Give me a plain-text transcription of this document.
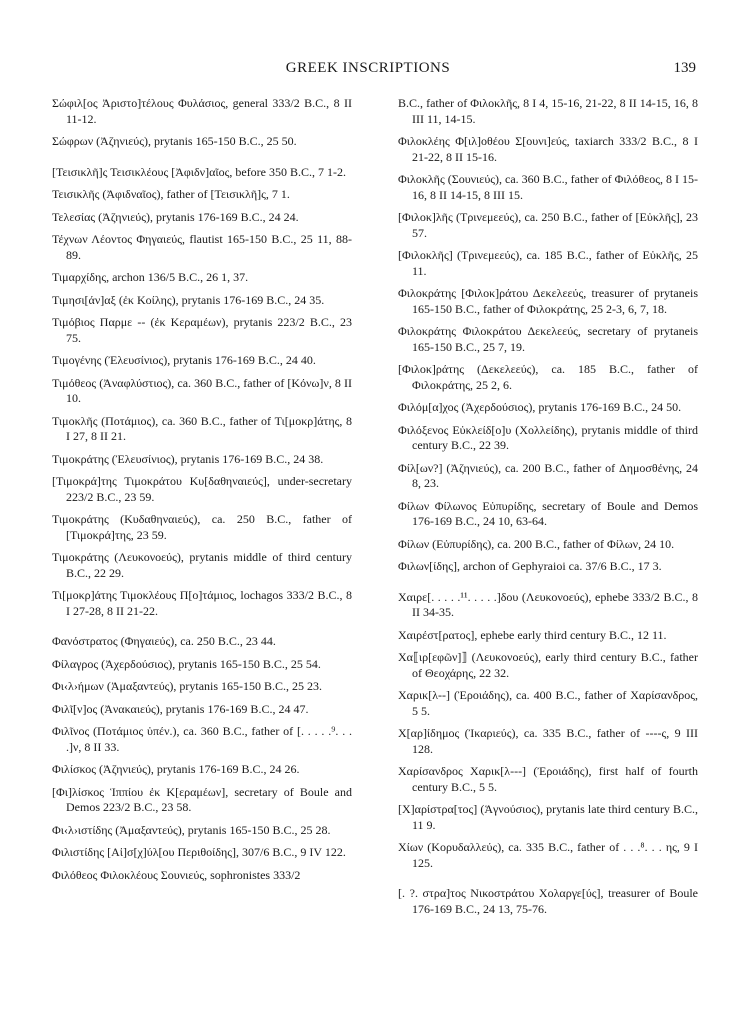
GREEK INSCRIPTIONS	139

Σώφιλ[ος Ἀριστο]τέλους Φυλάσιος, general 333/2 B.C., 8 II 11-12.

Σώφρων (Ἀζηνιεύς), prytanis 165-150 B.C., 25 50.

[Τεισικλῆ]ς Τεισικλέους [Ἀφιδν]αῖος, before 350 B.C., 7 1-2.

Τεισικλῆς (Ἀφιδναῖος), father of [Τεισικλῆ]ς, 7 1.

Τελεσίας (Ἀζηνιεύς), prytanis 176-169 B.C., 24 24.

Τέχνων Λέοντος Φηγαιεύς, flautist 165-150 B.C., 25 11, 88-89.

Τιμαρχίδης, archon 136/5 B.C., 26 1, 37.

Τιμησι[άν]αξ (ἐκ Κοίλης), prytanis 176-169 B.C., 24 35.

Τιμόβιος Παρμε -- (ἐκ Κεραμέων), prytanis 223/2 B.C., 23 75.

Τιμογένης (Ἐλευσίνιος), prytanis 176-169 B.C., 24 40.

Τιμόθεος (Ἀναφλύστιος), ca. 360 B.C., father of [Κόνω]ν, 8 II 10.

Τιμοκλῆς (Ποτάμιος), ca. 360 B.C., father of Τι[μοκρ]άτης, 8 I 27, 8 II 21.

Τιμοκράτης (Ἐλευσίνιος), prytanis 176-169 B.C., 24 38.

[Τιμοκρά]της Τιμοκράτου Κυ[δαθηναιεύς], under-secretary 223/2 B.C., 23 59.

Τιμοκράτης (Κυδαθηναιεύς), ca. 250 B.C., father of [Τιμοκρά]της, 23 59.

Τιμοκράτης (Λευκονοεύς), prytanis middle of third century B.C., 22 29.

Τι[μοκρ]άτης Τιμοκλέους Π[ο]τάμιος, lochagos 333/2 B.C., 8 I 27-28, 8 II 21-22.

Φανόστρατος (Φηγαιεύς), ca. 250 B.C., 23 44.

Φίλαγρος (Ἀχερδούσιος), prytanis 165-150 B.C., 25 54.

Φι‹λ›ήμων (Ἀμαξαντεύς), prytanis 165-150 B.C., 25 23.

Φιλῖ[ν]ος (Ἀνακαιεύς), prytanis 176-169 B.C., 24 47.

Φιλῖνος (Ποτάμιος ὑπέν.), ca. 360 B.C., father of [. . . . .⁹. . . .]ν, 8 II 33.

Φιλίσκος (Ἀζηνιεύς), prytanis 176-169 B.C., 24 26.

[Φι]λίσκος Ἱππίου ἐκ Κ[εραμέων], secretary of Boule and Demos 223/2 B.C., 23 58.

Φι‹λ›ιστίδης (Ἀμαξαντεύς), prytanis 165-150 B.C., 25 28.

Φιλιστίδης [Αἰ]σ[χ]ύλ[ου Περιθοίδης], 307/6 B.C., 9 IV 122.

Φιλόθεος Φιλοκλέους Σουνιεύς, sophronistes 333/2

B.C., father of Φιλοκλῆς, 8 I 4, 15-16, 21-22, 8 II 14-15, 16, 8 III 11, 14-15.

Φιλοκλέης Φ[ιλ]οθέου Σ[ουνι]εύς, taxiarch 333/2 B.C., 8 I 21-22, 8 II 15-16.

Φιλοκλῆς (Σουνιεύς), ca. 360 B.C., father of Φιλόθεος, 8 I 15-16, 8 II 14-15, 8 III 15.

[Φιλοκ]λῆς (Τρινεμεεύς), ca. 250 B.C., father of [Εὐκλῆς], 23 57.

[Φιλοκλῆς] (Τρινεμεεύς), ca. 185 B.C., father of Εὐκλῆς, 25 11.

Φιλοκράτης [Φιλοκ]ράτου Δεκελεεύς, treasurer of prytaneis 165-150 B.C., father of Φιλοκράτης, 25 2-3, 6, 7, 18.

Φιλοκράτης Φιλοκράτου Δεκελεεύς, secretary of prytaneis 165-150 B.C., 25 7, 19.

[Φιλοκ]ράτης (Δεκελεεύς), ca. 185 B.C., father of Φιλοκράτης, 25 2, 6.

Φιλόμ[α]χος (Ἀχερδούσιος), prytanis 176-169 B.C., 24 50.

Φιλόξενος Εὐκλείδ[ο]υ (Χολλείδης), prytanis middle of third century B.C., 22 39.

Φίλ[ων?] (Ἀζηνιεύς), ca. 200 B.C., father of Δημοσθένης, 24 8, 23.

Φίλων Φίλωνος Εὐπυρίδης, secretary of Boule and Demos 176-169 B.C., 24 10, 63-64.

Φίλων (Εὐπυρίδης), ca. 200 B.C., father of Φίλων, 24 10.

Φιλων[ίδης], archon of Gephyraioi ca. 37/6 B.C., 17 3.

Χαιρε[. . . . .¹¹. . . . .]δου (Λευκονοεύς), ephebe 333/2 B.C., 8 II 34-35.

Χαιρέστ[ρατος], ephebe early third century B.C., 12 11.

Χα⟦ιρ[εφῶν]⟧ (Λευκονοεύς), early third century B.C., father of Θεοχάρης, 22 32.

Χαρικ[λ--] (Ἐροιάδης), ca. 400 B.C., father of Χαρίσανδρος, 5 5.

Χ[αρ]ίδημος (Ἰκαριεύς), ca. 335 B.C., father of ----ς, 9 III 128.

Χαρίσανδρος Χαρικ[λ---] (Ἐροιάδης), first half of fourth century B.C., 5 5.

[Χ]αρίστρα[τος] (Ἁγνούσιος), prytanis late third century B.C., 11 9.

Χίων (Κορυδαλλεύς), ca. 335 B.C., father of . . .⁸. . . ης, 9 I 125.

[. ?. στρα]τος Νικοστράτου Χολαργε[ύς], treasurer of Boule 176-169 B.C., 24 13, 75-76.
